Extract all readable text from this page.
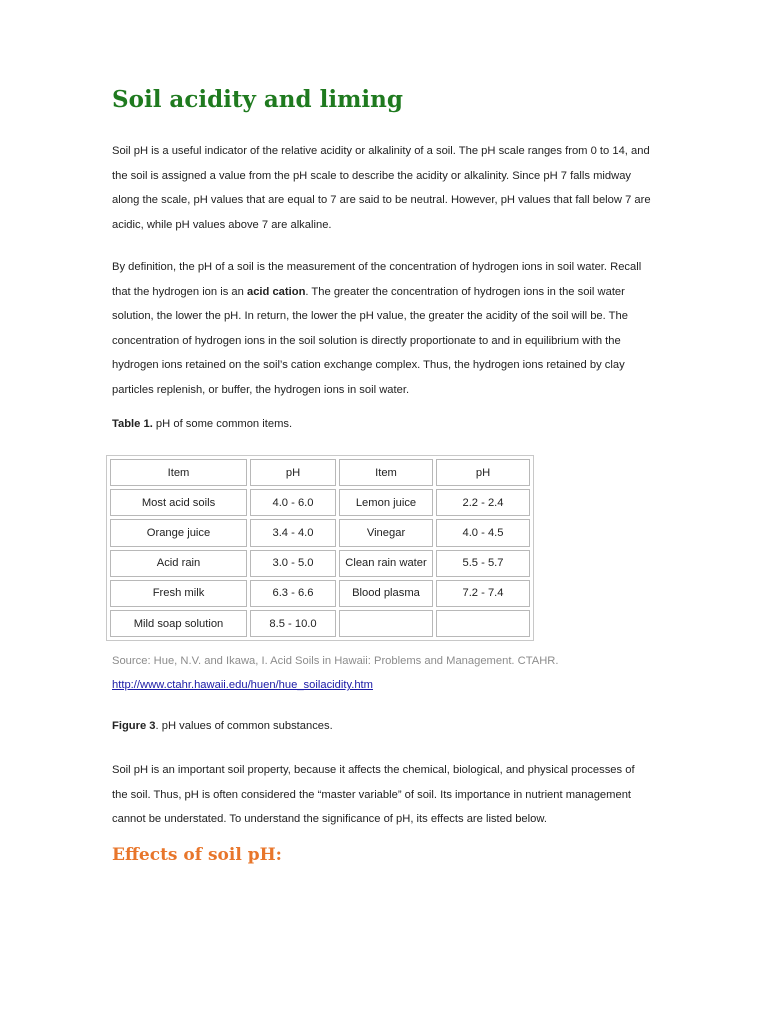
Soil acidity and liming

Soil pH is a useful indicator of the relative acidity or alkalinity of a soil. The pH scale ranges from 0 to 14, and the soil is assigned a value from the pH scale to describe the acidity or alkalinity. Since pH 7 falls midway along the scale, pH values that are equal to 7 are said to be neutral. However, pH values that fall below 7 are acidic, while pH values above 7 are alkaline.

By definition, the pH of a soil is the measurement of the concentration of hydrogen ions in soil water. Recall that the hydrogen ion is an acid cation. The greater the concentration of hydrogen ions in the soil water solution, the lower the pH. In return, the lower the pH value, the greater the acidity of the soil will be. The concentration of hydrogen ions in the soil solution is directly proportionate to and in equilibrium with the hydrogen ions retained on the soil’s cation exchange complex. Thus, the hydrogen ions retained by clay particles replenish, or buffer, the hydrogen ions in soil water.

Table 1. pH of some common items.
Item	pH	Item	pH
Most acid soils	4.0 - 6.0	Lemon juice	2.2 - 2.4
Orange juice	3.4 - 4.0	Vinegar	4.0 - 4.5
Acid rain	3.0 - 5.0	Clean rain water	5.5 - 5.7
Fresh milk	6.3 - 6.6	Blood plasma	7.2 - 7.4
Mild soap solution	8.5 - 10.0		
Source: Hue, N.V. and Ikawa, I. Acid Soils in Hawaii: Problems and Management. CTAHR.
http://www.ctahr.hawaii.edu/huen/hue_soilacidity.htm
Figure 3. pH values of common substances.

Soil pH is an important soil property, because it affects the chemical, biological, and physical processes of the soil. Thus, pH is often considered the “master variable” of soil. Its importance in nutrient management cannot be understated. To understand the significance of pH, its effects are listed below.

Effects of soil pH:
